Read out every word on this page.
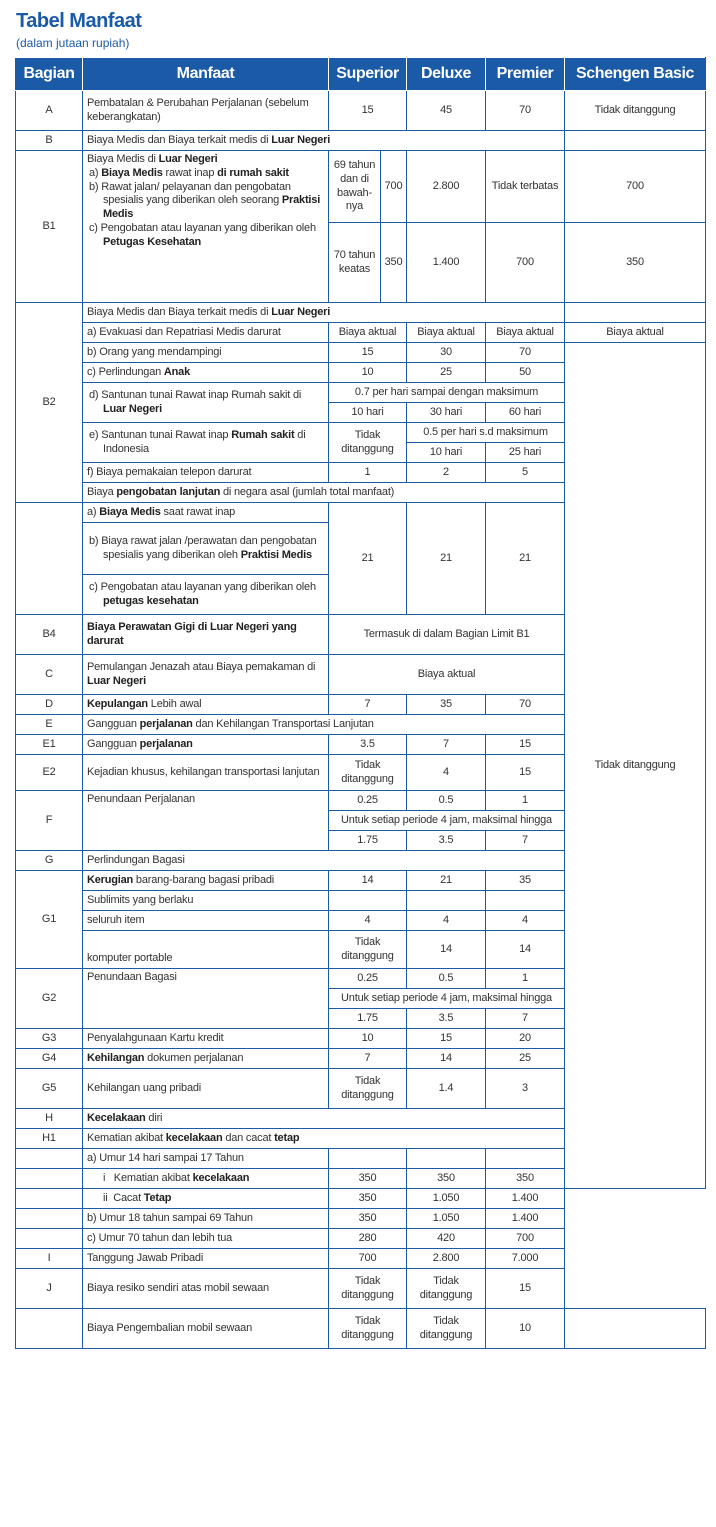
Tabel Manfaat
(dalam jutaan rupiah)
Bagian	Manfaat	Superior		Deluxe	Premier	Schengen Basic
A	Pembatalan & Perubahan Perjalanan (sebelum keberangkatan)	15		45	70	Tidak ditanggung
B	Biaya Medis dan Biaya terkait medis di Luar Negeri					
B1	Biaya Medis di Luar Negeri
a) Biaya Medis rawat inap di rumah sakit
b) Rawat jalan/ pelayanan dan pengobatan spesialis yang diberikan oleh seorang Praktisi Medis
c) Pengobatan atau layanan yang diberikan oleh Petugas Kesehatan	69 tahun dan di bawah-nya	700	2.800	Tidak terbatas	700
		70 tahun keatas	350	1.400	700	350
B2	Biaya Medis dan Biaya terkait medis di Luar Negeri					
	a) Evakuasi dan Repatriasi Medis darurat	Biaya aktual		Biaya aktual	Biaya aktual	Biaya aktual
	b) Orang yang mendampingi	15		30	70	Tidak ditanggung
	c) Perlindungan Anak	10		25	50	

	d) Santunan tunai Rawat inap Rumah sakit di Luar Negeri	0.7 per hari sampai dengan maksimum				
		10 hari		30 hari	60 hari	

	e) Santunan tunai Rawat inap Rumah sakit di Indonesia	Tidak ditanggung		0.5 per hari s.d maksimum		
				10 hari	25 hari	
	f) Biaya pemakaian telepon darurat	1		2	5	
	Biaya pengobatan lanjutan di negara asal (jumlah total manfaat)					
	a) Biaya Medis saat rawat inap	21		21	21	

	b) Biaya rawat jalan /perawatan dan pengobatan spesialis yang diberikan oleh Praktisi Medis					

	c) Pengobatan atau layanan yang diberikan oleh petugas kesehatan					

B4	Biaya Perawatan Gigi di Luar Negeri yang darurat	Termasuk di dalam Bagian Limit B1				
C	Pemulangan Jenazah atau Biaya pemakaman di Luar Negeri	Biaya aktual				
D	Kepulangan Lebih awal	7		35	70	
E	Gangguan perjalanan dan Kehilangan Transportasi Lanjutan					
E1	Gangguan perjalanan	3.5		7	15	
E2	Kejadian khusus, kehilangan transportasi lanjutan	Tidak ditanggung		4	15	
F	Penundaan Perjalanan	0.25		0.5	1	
		Untuk setiap periode 4 jam, maksimal hingga				
		1.75		3.5	7	
G	Perlindungan Bagasi					
G1	Kerugian barang-barang bagasi pribadi	14		21	35	
	Sublimits yang berlaku					
	seluruh item	4		4	4	
	komputer portable	Tidak ditanggung		14	14	
G2	Penundaan Bagasi	0.25		0.5	1	
		Untuk setiap periode 4 jam, maksimal hingga				
		1.75		3.5	7	
G3	Penyalahgunaan Kartu kredit	10		15	20	
G4	Kehilangan dokumen perjalanan	7		14	25	
G5	Kehilangan uang pribadi	Tidak ditanggung		1.4	3	
H	Kecelakaan diri					
H1	Kematian akibat kecelakaan dan cacat tetap					
	a) Umur 14 hari sampai 17 Tahun					
	i   Kematian akibat kecelakaan	350		350	350	
	ii  Cacat Tetap	350		1.050	1.400	
	b) Umur 18 tahun sampai 69 Tahun	350		1.050	1.400	
	c) Umur 70 tahun dan lebih tua	280		420	700	
I	Tanggung Jawab Pribadi	700		2.800	7.000	
J	Biaya resiko sendiri atas mobil sewaan	Tidak ditanggung		Tidak ditanggung	15	
	Biaya Pengembalian mobil sewaan	Tidak ditanggung		Tidak ditanggung	10	
